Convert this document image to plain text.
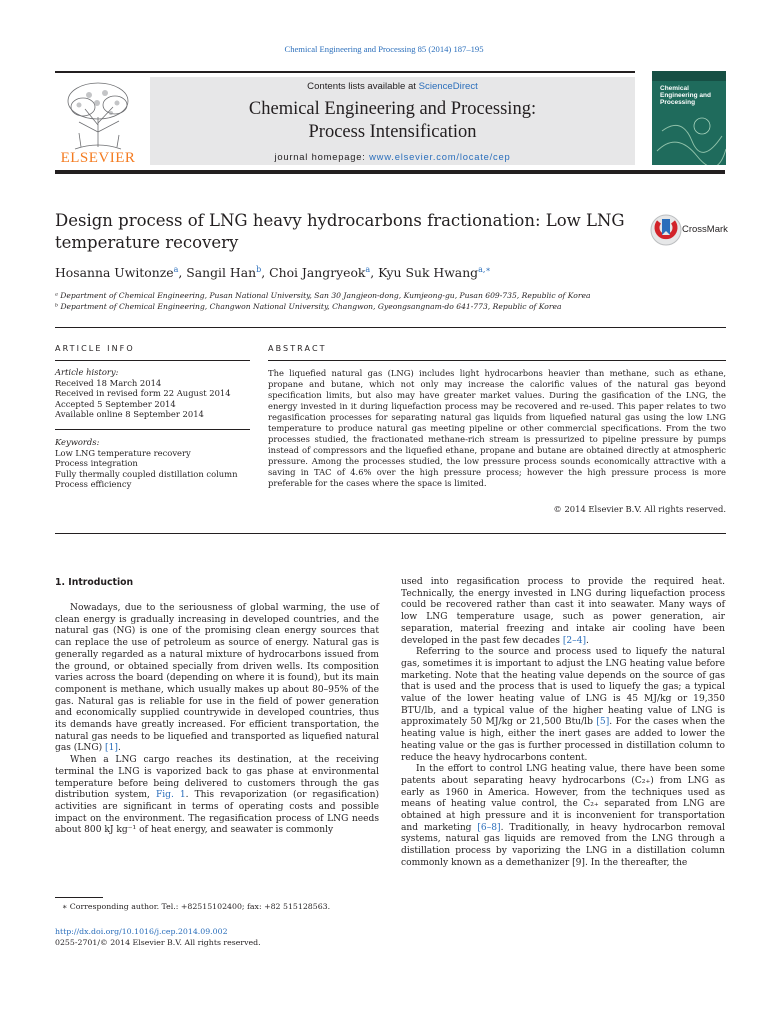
Chemical Engineering and Processing 85 (2014) 187–195
ELSEVIER
Contents lists available at ScienceDirect
Chemical Engineering and Processing:
Process Intensification
journal homepage: www.elsevier.com/locate/cep
Chemical Engineering and Processing
Design process of LNG heavy hydrocarbons fractionation: Low LNG temperature recovery
CrossMark
Hosanna Uwitonze$^a$, Sangil Han$^b$, Choi Jangryeok$^a$, Kyu Suk Hwang$^{a,∗}$
ᵃ Department of Chemical Engineering, Pusan National University, San 30 Jangjeon-dong, Kumjeong-gu, Pusan 609-735, Republic of Korea
ᵇ Department of Chemical Engineering, Changwon National University, Changwon, Gyeongsangnam-do 641-773, Republic of Korea
ARTICLE INFO
Article history:
Received 18 March 2014
Received in revised form 22 August 2014
Accepted 5 September 2014
Available online 8 September 2014
Keywords:
Low LNG temperature recovery
Process integration
Fully thermally coupled distillation column
Process efficiency
ABSTRACT
The liquefied natural gas (LNG) includes light hydrocarbons heavier than methane, such as ethane, propane and butane, which not only may increase the calorific values of the natural gas beyond specification limits, but also may have greater market values. During the gasification of the LNG, the energy invested in it during liquefaction process may be recovered and re-used. This paper relates to two regasification processes for separating natural gas liquids from liquefied natural gas using the low LNG temperature to produce natural gas meeting pipeline or other commercial specifications. From the two processes studied, the fractionated methane-rich stream is pressurized to pipeline pressure by pumps instead of compressors and the liquefied ethane, propane and butane are obtained directly at atmospheric pressure. Among the processes studied, the low pressure process sounds economically attractive with a saving in TAC of 4.6% over the high pressure process; however the high pressure process is more preferable for the cases where the space is limited.
© 2014 Elsevier B.V. All rights reserved.
1. Introduction

Nowadays, due to the seriousness of global warming, the use of clean energy is gradually increasing in developed countries, and the natural gas (NG) is one of the promising clean energy sources that can replace the use of petroleum as source of energy. Natural gas is generally regarded as a natural mixture of hydrocarbons issued from the ground, or obtained specially from driven wells. Its composition varies across the board (depending on where it is found), but its main component is methane, which usually makes up about 80–95% of the gas. Natural gas is reliable for use in the field of power generation and economically supplied countrywide in developed countries, thus its demands have greatly increased. For efficient transportation, the natural gas needs to be liquefied and transported as liquefied natural gas (LNG) [1].

When a LNG cargo reaches its destination, at the receiving terminal the LNG is vaporized back to gas phase at environmental temperature before being delivered to customers through the gas distribution system, Fig. 1. This revaporization (or regasification) activities are significant in terms of operating costs and possible impact on the environment. The regasification process of LNG needs about 800 kJ kg⁻¹ of heat energy, and seawater is commonly

used into regasification process to provide the required heat. Technically, the energy invested in LNG during liquefaction process could be recovered rather than cast it into seawater. Many ways of low LNG temperature usage, such as power generation, air separation, material freezing and intake air cooling have been developed in the past few decades [2–4].

Referring to the source and process used to liquefy the natural gas, sometimes it is important to adjust the LNG heating value before marketing. Note that the heating value depends on the source of gas that is used and the process that is used to liquefy the gas; a typical value of the lower heating value of LNG is 45 MJ/kg or 19,350 BTU/lb, and a typical value of the higher heating value of LNG is approximately 50 MJ/kg or 21,500 Btu/lb [5]. For the cases when the heating value is high, either the inert gases are added to lower the heating value or the gas is further processed in distillation column to reduce the heavy hydrocarbons content.

In the effort to control LNG heating value, there have been some patents about separating heavy hydrocarbons (C₂₊) from LNG as early as 1960 in America. However, from the techniques used as means of heating value control, the C₂₊ separated from LNG are obtained at high pressure and it is inconvenient for transportation and marketing [6–8]. Traditionally, in heavy hydrocarbon removal systems, natural gas liquids are removed from the LNG through a distillation process by vaporizing the LNG in a distillation column commonly known as a demethanizer [9]. In the thereafter, the

∗ Corresponding author. Tel.: +82515102400; fax: +82 515128563.
http://dx.doi.org/10.1016/j.cep.2014.09.002
0255-2701/© 2014 Elsevier B.V. All rights reserved.
